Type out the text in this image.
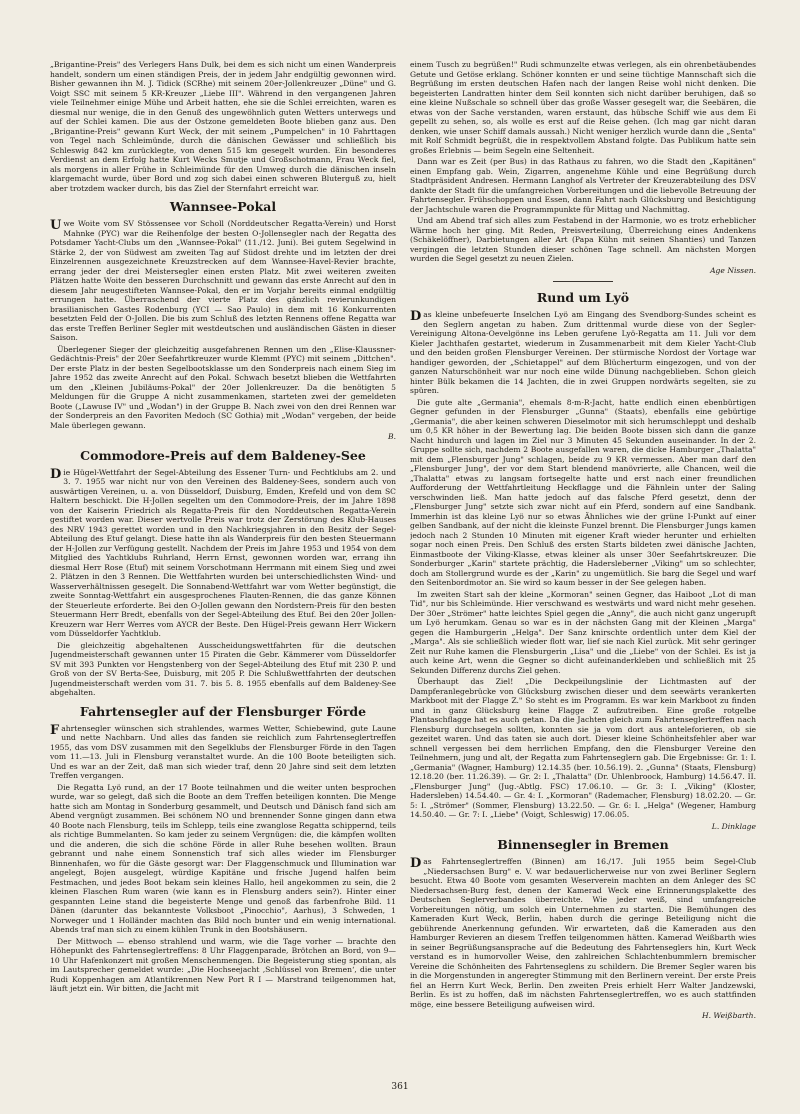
„Brigantine-Preis" des Verlegers Hans Dulk, bei dem es sich nicht um einen Wanderpreis handelt, sondern um einen ständigen Preis, der in jedem Jahr endgültig gewonnen wird. Bisher gewannen ihn M. J. Tidick (SCRhe) mit seinem 20er-Jollenkreuzer „Düne" und G. Voigt SSC mit seinem 5 KR-Kreuzer „Liebe III". Während in den vergangenen Jahren viele Teilnehmer einige Mühe und Arbeit hatten, ehe sie die Schlei erreichten, waren es diesmal nur wenige, die in den Genuß des ungewöhnlich guten Wetters unterwegs und auf der Schlei kamen. Die aus der Ostzone gemeldeten Boote blieben ganz aus. Den „Brigantine-Preis" gewann Kurt Weck, der mit seinem „Pumpelchen" in 10 Fahrttagen von Tegel nach Schleimünde, durch die dänischen Gewässer und schließlich bis Schleswig 842 km zurücklegte, von denen 515 km gesegelt wurden. Ein besonderes Verdienst an dem Erfolg hatte Kurt Wecks Smutje und Großschotmann, Frau Weck fiel, als morgens in aller Frühe in Schleimünde für den Umweg durch die dänischen inseln klargemacht wurde, über Bord und zog sich dabei einen schweren Bluterguß zu, hielt aber trotzdem wacker durch, bis das Ziel der Sternfahrt erreicht war.

Wannsee-Pokal

Uwe Woite vom SV Stössensee vor Scholl (Norddeutscher Regatta-Verein) und Horst Mahnke (PYC) war die Reihenfolge der besten O-Jollensegler nach der Regatta des Potsdamer Yacht-Clubs um den „Wannsee-Pokal" (11./12. Juni). Bei gutem Segelwind in Stärke 2, der von Südwest am zweiten Tag auf Südost drehte und im letzten der drei Einzelrennen ausgezeichnete Kreuzstrecken auf dem Wannsee-Havel-Revier brachte, errang jeder der drei Meistersegler einen ersten Platz. Mit zwei weiteren zweiten Plätzen hatte Woite den besseren Durchschnitt und gewann das erste Anrecht auf den in diesem Jahr neugestifteten Wannsee-Pokal, den er im Vorjahr bereits einmal endgültig errungen hatte. Überraschend der vierte Platz des gänzlich revierunkundigen brasilianischen Gastes Rodenburg (YCI — Sao Paulo) in dem mit 16 Konkurrenten besetzten Feld der O-Jollen. Die bis zum Schluß des letzten Rennens offene Regatta war das erste Treffen Berliner Segler mit westdeutschen und ausländischen Gästen in dieser Saison.

Überlegener Sieger der gleichzeitig ausgefahrenen Rennen um den „Elise-Klaussner-Gedächtnis-Preis" der 20er Seefahrtkreuzer wurde Klemmt (PYC) mit seinem „Dittchen". Der erste Platz in der besten Segelbootsklasse um den Sonderpreis nach einem Sieg im Jahre 1952 das zweite Anrecht auf den Pokal. Schwach besetzt blieben die Wettfahrten um den „Kleinen Jubiläums-Pokal" der 20er Jollenkreuzer. Da die benötigten 5 Meldungen für die Gruppe A nicht zusammenkamen, starteten zwei der gemeldeten Boote („Lawuse IV" und „Wodan") in der Gruppe B. Nach zwei von den drei Rennen war der Sonderpreis an den Favoriten Medoch (SC Gothia) mit „Wodan" vergeben, der beide Male überlegen gewann.

B.

Commodore-Preis auf dem Baldeney-See

Die Hügel-Wettfahrt der Segel-Abteilung des Essener Turn- und Fechtklubs am 2. und 3. 7. 1955 war nicht nur von den Vereinen des Baldeney-Sees, sondern auch von auswärtigen Vereinen, u. a. von Düsseldorf, Duisburg, Emden, Krefeld und von dem SC Haltern beschickt. Die H-Jollen segelten um den Commodore-Preis, der im Jahre 1898 von der Kaiserin Friedrich als Regatta-Preis für den Norddeutschen Regatta-Verein gestiftet worden war. Dieser wertvolle Preis war trotz der Zerstörung des Klub-Hauses des NRV 1943 gerettet worden und in den Nachkriegsjahren in den Besitz der Segel-Abteilung des Etuf gelangt. Diese hatte ihn als Wanderpreis für den besten Steuermann der H-Jollen zur Verfügung gestellt. Nachdem der Preis im Jahre 1953 und 1954 von dem Mitglied des Yachtklubs Ruhrland, Herrn Ernst, gewonnen worden war, errang ihn diesmal Herr Rose (Etuf) mit seinem Vorschotmann Herrmann mit einem Sieg und zwei 2. Plätzen in den 3 Rennen. Die Wettfahrten wurden bei unterschiedlichsten Wind- und Wasserverhältnissen gesegelt. Die Sonnabend-Wettfahrt war vom Wetter begünstigt, die zweite Sonntag-Wettfahrt ein ausgesprochenes Flauten-Rennen, die das ganze Können der Steuerleute erforderte. Bei den O-Jollen gewann den Nordstern-Preis für den besten Steuermann Herr Bredt, ebenfalls von der Segel-Abteilung des Etuf. Bei den 20er Jollen-Kreuzern war Herr Werres vom AYCR der Beste. Den Hügel-Preis gewann Herr Wickern vom Düsseldorfer Yachtklub.

Die gleichzeitig abgehaltenen Ausscheidungswettfahrten für die deutschen Jugendmeisterschaft gewannen unter 15 Piraten die Gebr. Kämmerer vom Düsseldorfer SV mit 393 Punkten vor Hengstenberg von der Segel-Abteilung des Etuf mit 230 P. und Groß von der SV Berta-See, Duisburg, mit 205 P. Die Schlußwettfahrten der deutschen Jugendmeisterschaft werden vom 31. 7. bis 5. 8. 1955 ebenfalls auf dem Baldeney-See abgehalten.

Fahrtensegler auf der Flensburger Förde

Fahrtensegler wünschen sich strahlendes, warmes Wetter, Schiebewind, gute Laune und nette Nachbarn. Und alles das fanden sie reichlich zum Fahrtenseglertreffen 1955, das vom DSV zusammen mit den Segelklubs der Flensburger Förde in den Tagen vom 11.—13. Juli in Flensburg veranstaltet wurde. An die 100 Boote beteiligten sich. Und es war an der Zeit, daß man sich wieder traf, denn 20 Jahre sind seit dem letzten Treffen vergangen.

Die Regatta Lyö rund, an der 17 Boote teilnahmen und die weiter unten besprochen wurde, war so gelegt, daß sich die Boote an dem Treffen beteiligen konnten. Die Menge hatte sich am Montag in Sonderburg gesammelt, und Deutsch und Dänisch fand sich am Abend vergnügt zusammen. Bei schönem NO und brennender Sonne gingen dann etwa 40 Boote nach Flensburg, teils im Schlepp, teils eine zwanglose Regatta schippernd, teils als richtige Bummelanten. So kam jeder zu seinem Vergnügen: die, die kämpfen wollten und die anderen, die sich die schöne Förde in aller Ruhe besehen wollten. Braun gebrannt und nahe einem Sonnenstich traf sich alles wieder im Flensburger Binnenhafen, wo für die Gäste gesorgt war: Der Flaggenschmuck und Illumination war angelegt, Bojen ausgelegt, würdige Kapitäne und frische Jugend halfen beim Festmachen, und jedes Boot bekam sein kleines Hallo, heil angekommen zu sein, die 2 kleinen Flaschen Rum waren (wie kann es in Flensburg anders sein?). Hinter einer gespannten Leine stand die begeisterte Menge und genoß das farbenfrohe Bild. 11 Dänen (darunter das bekannteste Volksboot „Pinocchio", Aarhus), 3 Schweden, 1 Norweger und 1 Holländer machten das Bild noch bunter und ein wenig international. Abends traf man sich zu einem kühlen Trunk in den Bootshäusern.

Der Mittwoch — ebenso strahlend und warm, wie die Tage vorher — brachte den Höhepunkt des Fahrtenseglertreffens: 8 Uhr Flaggenparade, Brötchen an Bord, von 9—10 Uhr Hafenkonzert mit großen Menschenmengen. Die Begeisterung stieg spontan, als im Lautsprecher gemeldet wurde: „Die Hochseejacht ‚Schlüssel von Bremen‘, die unter Rudi Koppenhagen am Atlantikrennen New Port R I — Marstrand teilgenommen hat, läuft jetzt ein. Wir bitten, die Jacht mit

einem Tusch zu begrüßen!" Rudi schmunzelte etwas verlegen, als ein ohrenbetäubendes Getute und Getöse erklang. Schöner konnten er und seine tüchtige Mannschaft sich die Begrüßung im ersten deutschen Hafen nach der langen Reise wohl nicht denken. Die begeisterten Landratten hinter dem Seil konnten sich nicht darüber beruhigen, daß so eine kleine Nußschale so schnell über das große Wasser gesegelt war, die Seebären, die etwas von der Sache verstanden, waren erstaunt, das hübsche Schiff wie aus dem Ei gepellt zu sehen, so, als wolle es erst auf die Reise gehen. (Ich mag gar nicht daran denken, wie unser Schiff damals aussah.) Nicht weniger herzlich wurde dann die „Senta" mit Rolf Schmidt begrüßt, die in respektvollem Abstand folgte. Das Publikum hatte sein großes Erlebnis — beim Segeln eine Seltenheit.

Dann war es Zeit (per Bus) in das Rathaus zu fahren, wo die Stadt den „Kapitänen" einen Empfang gab. Wein, Zigarren, angenehme Kühle und eine Begrüßung durch Stadtpräsident Andresen. Hermann Langhof als Vertreter der Kreuzerabteilung des DSV dankte der Stadt für die umfangreichen Vorbereitungen und die liebevolle Betreuung der Fahrtensegler. Frühschoppen und Essen, dann Fahrt nach Glücksburg und Besichtigung der Jachtschule waren die Programmpunkte für Mittag und Nachmittag.

Und am Abend traf sich alles zum Festabend in der Harmonie, wo es trotz erheblicher Wärme hoch her ging. Mit Reden, Preisverteilung, Überreichung eines Andenkens (Schäkelöffner), Darbietungen aller Art (Papa Kühn mit seinen Shanties) und Tanzen vergingen die letzten Stunden dieser schönen Tage schnell. Am nächsten Morgen wurden die Segel gesetzt zu neuen Zielen.

Age Nissen.

Rund um Lyö

Das kleine unbefeuerte Inselchen Lyö am Eingang des Svendborg-Sundes scheint es den Seglern angetan zu haben. Zum drittenmal wurde diese von der Segler-Vereinigung Altona-Oevelgönne ins Leben gerufene Lyö-Regatta am 11. Juli vor dem Kieler Jachthafen gestartet, wiederum in Zusammenarbeit mit dem Kieler Yacht-Club und den beiden großen Flensburger Vereinen. Der stürmische Nordost der Vortage war handiger geworden, der „Schietappel" auf dem Blücherturm eingezogen, und von der ganzen Naturschönheit war nur noch eine wilde Dünung nachgeblieben. Schon gleich hinter Bülk bekamen die 14 Jachten, die in zwei Gruppen nordwärts segelten, sie zu spüren.

Die gute alte „Germania", ehemals 8-m-R-Jacht, hatte endlich einen ebenbürtigen Gegner gefunden in der Flensburger „Gunna" (Staats), ebenfalls eine gebürtige „Germania", die aber keinen schweren Dieselmotor mit sich herumschleppt und deshalb um 0,5 KR höher in der Bewertung lag. Die beiden Boote bissen sich dann die ganze Nacht hindurch und lagen im Ziel nur 3 Minuten 45 Sekunden auseinander. In der 2. Gruppe sollte sich, nachdem 2 Boote ausgefallen waren, die dicke Hamburger „Thalatta" mit dem „Flensburger Jung" schlagen, beide zu 9 KR vermessen. Aber man darf den „Flensburger Jung", der vor dem Start blendend manövrierte, alle Chancen, weil die „Thalatta" etwas zu langsam fortsegelte hatte und erst nach einer freundlichen Aufforderung der Wettfahrtleitung Heckflagge und die Fähnlein unter der Saling verschwinden ließ. Man hatte jedoch auf das falsche Pferd gesetzt, denn der „Flensburger Jung" setzte sich zwar nicht auf ein Pferd, sondern auf eine Sandbank. Immerhin ist das kleine Lyö nur so etwas Ähnliches wie der grüne I-Punkt auf einer gelben Sandbank, auf der nicht die kleinste Funzel brennt. Die Flensburger Jungs kamen jedoch nach 2 Stunden 10 Minuten mit eigener Kraft wieder herunter und erhielten sogar noch einen Preis. Den Schluß des ersten Starts bildeten zwei dänische Jachten, Einmastboote der Viking-Klasse, etwas kleiner als unser 30er Seefahrtskreuzer. Die Sonderburger „Karin" startete prächtig, die Hadersleberner „Viking" um so schlechter, doch am Stollergrund wurde es der „Karin" zu ungemütlich. Sie barg die Segel und warf den Seitenbordmotor an. Sie wird so kaum besser in der See gelegen haben.

Im zweiten Start sah der kleine „Kormoran" seinen Gegner, das Haiboot „Lot di man Tid", nur bis Schleimünde. Hier verschwand es westwärts und ward nicht mehr gesehen. Der 30er „Strömer" hatte leichtes Spiel gegen die „Anny", die auch nicht ganz ungerupft um Lyö herumkam. Genau so war es in der nächsten Gang mit der Kleinen „Marga" gegen die Hamburgerin „Helga". Der Sanz knirschte ordentlich unter dem Kiel der „Marga". Als sie schließlich wieder flott war, lief sie nach Kiel zurück. Mit sehr geringer Zeit nur Ruhe kamen die Flensburgerin „Lisa" und die „Liebe" von der Schlei. Es ist ja auch keine Art, wenn die Gegner so dicht aufeinanderkleben und schließlich mit 25 Sekunden Differenz durchs Ziel gehen.

Überhaupt das Ziel! „Die Deckpeilungslinie der Lichtmasten auf der Dampferanlegebrücke von Glücksburg zwischen dieser und dem seewärts verankerten Markboot mit der Flagge Z." So steht es im Programm. Es war kein Markboot zu finden und in ganz Glücksburg keine Flagge Z aufzutreiben. Eine große rotgelbe Plantaschflagge hat es auch getan. Da die Jachten gleich zum Fahrtenseglertreffen nach Flensburg durchsegeln sollten, konnten sie ja vom dort aus anteleforieren, ob sie gezeitet waren. Und das taten sie auch dort. Dieser kleine Schönheitsfehler aber war schnell vergessen bei dem herrlichen Empfang, den die Flensburger Vereine den Teilnehmern, jung und alt, der Regatta zum Fahrtenseglern gab. Die Ergebnisse: Gr. 1: I. „Germania" (Wagner, Hamburg) 12.14.35 (ber. 10.56.19). 2. „Gunna" (Staats, Flensburg) 12.18.20 (ber. 11.26.39). — Gr. 2: I. „Thalatta" (Dr. Uhlenbroock, Hamburg) 14.56.47. II. „Flensburger Jung" (Jug.-Abtlg. FSC) 17.06.10. — Gr. 3: I. „Viking" (Kloster, Hadersleben) 14.54.40. — Gr. 4: I. „Kormoran" (Rademacher, Flensburg) 18.02.20. — Gr. 5: I. „Strömer" (Sommer, Flensburg) 13.22.50. — Gr. 6: I. „Helga" (Wegener, Hamburg 14.50.40. — Gr. 7: I. „Liebe" (Voigt, Schleswig) 17.06.05.

L. Dinklage

Binnensegler in Bremen

Das Fahrtenseglertreffen (Binnen) am 16./17. Juli 1955 beim Segel-Club „Niedersachsen Burg" e. V. war bedauerlicherweise nur von zwei Berliner Seglern besucht. Etwa 40 Boote vom gesamten Weserverein machten an dem Anleger des SC Niedersachsen-Burg fest, denen der Kamerad Weck eine Erinnerungsplakette des Deutschen Seglerverbandes überreichte. Wie jeder weiß, sind umfangreiche Vorbereitungen nötig, um solch ein Unternehmen zu starten. Die Bemühungen des Kameraden Kurt Weck, Berlin, haben durch die geringe Beteiligung nicht die gebührende Anerkennung gefunden. Wir erwarteten, daß die Kameraden aus den Hamburger Revieren an diesem Treffen teilgenommen hätten. Kamerad Weißbarth wies in seiner Begrüßungsansprache auf die Bedeutung des Fahrtenseglers hin, Kurt Weck verstand es in humorvoller Weise, den zahlreichen Schlachtenbummlern bremischer Vereine die Schönheiten des Fahrtenseglens zu schildern. Die Bremer Segler waren bis in die Morgenstunden in angeregter Stimmung mit den Berlinern vereint. Der erste Preis fiel an Herrn Kurt Weck, Berlin. Den zweiten Preis erhielt Herr Walter Jandzewski, Berlin. Es ist zu hoffen, daß im nächsten Fahrtenseglertreffen, wo es auch stattfinden möge, eine bessere Beteiligung aufweisen wird.

H. Weißbarth.

361
